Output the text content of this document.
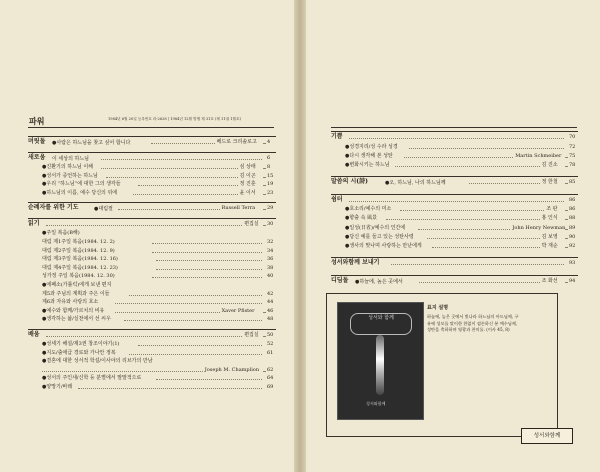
파워	1984년 6월 20일 등록번호 라-2628 | 1984년 12월 발행 제 31호 (제 11권 1월호)
머릿돌 ●사람은 하느님을 찾고 싶어 합니다	베드로 크리솔로고 4
새로움 이 세상의 하느님	6
●진환기의 하느님 이해	심 상태 8
●성서가 증언하는 하느님	김 이곤 15
●우리 “하느님”에 대한 그의 생각들	정 진훈 19
●하느님의 이름, 예수 당신의 뒤에	윤 이서 23
순례자를 위한 기도	●대림절	Russell Terra 29
읽기	편집실 30
●주일 복음(B해)
대림 제1주일 복음(1984. 12. 2)	32
대림 제2주일 복음(1984. 12. 9)	34
대림 제3주일 복음(1984. 12. 16)	36
대림 제4주일 복음(1984. 12. 23)	38
성가정 주일 복음(1984. 12. 30)	40
●에페소(가톨릭)에게 보낸 편지
제5과 주님의 계획과 주은 이들	42
제6과 자유와 사랑의 호소	44
●예수와 함께/가르치의 비유	Xaver Pfister 46
●생각하는 삶/실천에서 선 씨우	48
배움	편집실 50
●성세기 해설/제3권 창조이야기(1)	52
●지도/출애급 경로와 가나안 정복	61
●결혼에 대한 성서적 학설/이사야의 리브가의 만남
Joseph M. Champlion 62
●성서의 주인새/신학 등 분별에서 말말적으로	64
●양망기/바레	69
기쁨	70
●성경지리/성 수라 성경	72
●다시 생각해 본 성탄	Martin Schmeiber 75
●변화시키는 하느님	김 진소 78
말씀의 시(詩)	●오, 하느님, 나의 하느님께	정 한철 85
쉼터	86
●호소리/예수의 미소	조 판 86
●향출 속 風景	홍 인식 88
●일성(日省)/예수의 인간에	John Henry Newman 89
●당신 예를 들고 있는 성탄사령	김 보영 90
●생사의 맞나며 사랑하는 만난에게	박 재순 92
성서와함께 보내기	93
디딤돌 ●하늘에, 높은 곳에서	조 화선 94
성서와 함께
성서와함께
표지 설명
하늘에, 높은 곳에서 빛나라 하느님의 아드님께, 구유에 성모를 맞이한 한없이 겸손하신 분 예수님께, 성탄을 축하하며 영광과 찬미를. (이사 45, 8)
성서와함께
